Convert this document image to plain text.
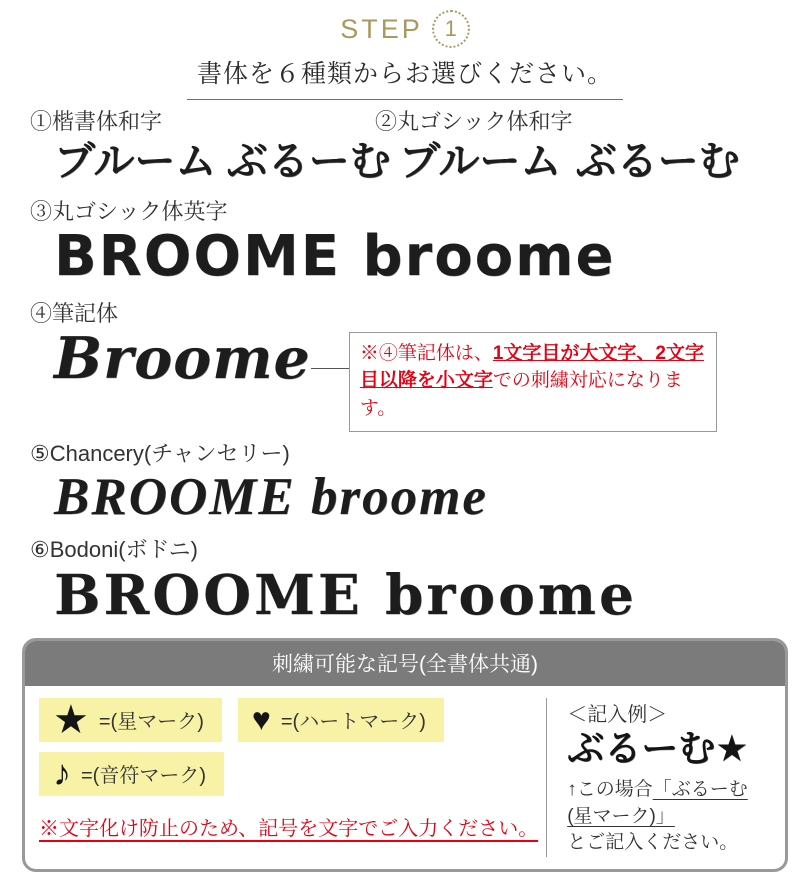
STEP 1
書体を６種類からお選びください。
①楷書体和字
ブルーム ぶるーむ
②丸ゴシック体和字
ブルーム ぶるーむ
③丸ゴシック体英字
BROOME broome
④筆記体
Broome	※④筆記体は、1文字目が大文字、2文字目以降を小文字での刺繍対応になります。
⑤Chancery(チャンセリー)
BROOME broome
⑥Bodoni(ボドニ)
BROOME broome
刺繍可能な記号(全書体共通)
★ =(星マーク) ♥ =(ハートマーク)
♪ =(音符マーク)
※文字化け防止のため、記号を文字でご入力ください。
＜記入例＞
ぶるーむ★
↑この場合「ぶるーむ(星マーク)」
とご記入ください。
